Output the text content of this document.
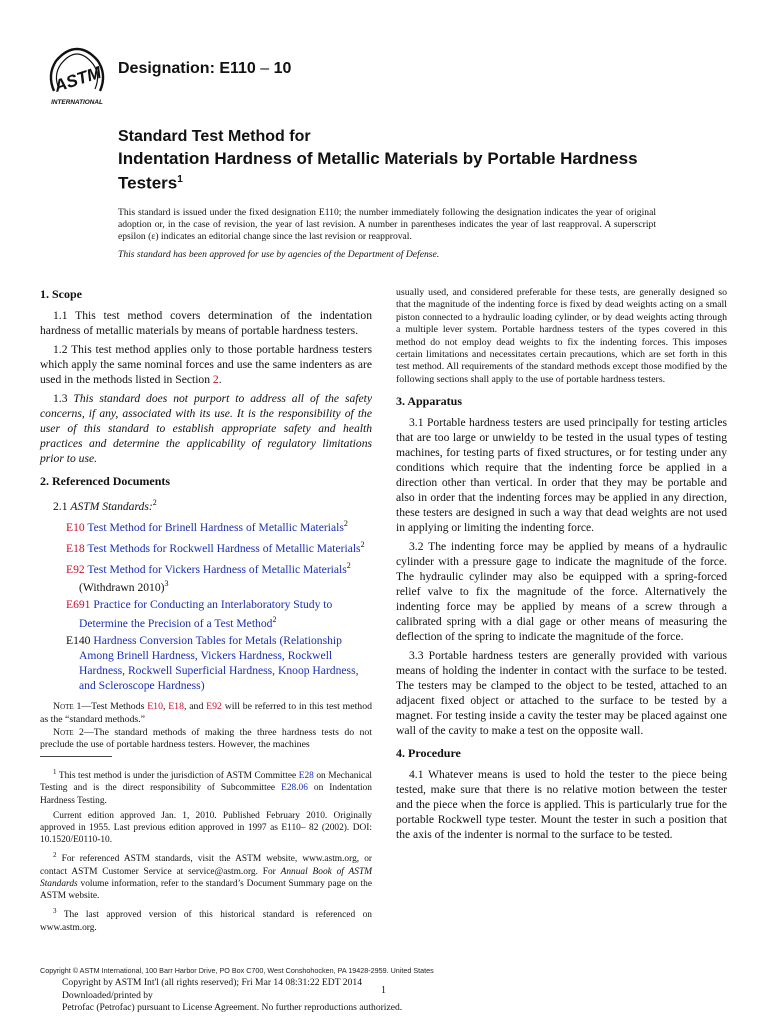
ASTM
INTERNATIONAL
Designation: E110 – 10
Standard Test Method for
Indentation Hardness of Metallic Materials by Portable Hardness Testers$^1$
This standard is issued under the fixed designation E110; the number immediately following the designation indicates the year of original adoption or, in the case of revision, the year of last revision. A number in parentheses indicates the year of last reapproval. A superscript epsilon (ε) indicates an editorial change since the last revision or reapproval.
This standard has been approved for use by agencies of the Department of Defense.
1. Scope

1.1 This test method covers determination of the indentation hardness of metallic materials by means of portable hardness testers.

1.2 This test method applies only to those portable hardness testers which apply the same nominal forces and use the same indenters as are used in the methods listed in Section 2.

1.3 This standard does not purport to address all of the safety concerns, if any, associated with its use. It is the responsibility of the user of this standard to establish appropriate safety and health practices and determine the applicability of regulatory limitations prior to use.

2. Referenced Documents

2.1 ASTM Standards:$^2$

E10 Test Method for Brinell Hardness of Metallic Materials$^2$
E18 Test Methods for Rockwell Hardness of Metallic Materials$^2$
E92 Test Method for Vickers Hardness of Metallic Materials$^2$ (Withdrawn 2010)$^3$
E691 Practice for Conducting an Interlaboratory Study to Determine the Precision of a Test Method$^2$
E140 Hardness Conversion Tables for Metals (Relationship Among Brinell Hardness, Vickers Hardness, Rockwell Hardness, Rockwell Superficial Hardness, Knoop Hardness, and Scleroscope Hardness)

Note 1—Test Methods E10, E18, and E92 will be referred to in this test method as the “standard methods.”

Note 2—The standard methods of making the three hardness tests do not preclude the use of portable hardness testers. However, the machines

$^1$ This test method is under the jurisdiction of ASTM Committee E28 on Mechanical Testing and is the direct responsibility of Subcommittee E28.06 on Indentation Hardness Testing.

Current edition approved Jan. 1, 2010. Published February 2010. Originally approved in 1955. Last previous edition approved in 1997 as E110– 82 (2002). DOI: 10.1520/E0110-10.

$^2$ For referenced ASTM standards, visit the ASTM website, www.astm.org, or contact ASTM Customer Service at service@astm.org. For Annual Book of ASTM Standards volume information, refer to the standard’s Document Summary page on the ASTM website.

$^3$ The last approved version of this historical standard is referenced on www.astm.org.

usually used, and considered preferable for these tests, are generally designed so that the magnitude of the indenting force is fixed by dead weights acting on a small piston connected to a hydraulic loading cylinder, or by dead weights acting through a multiple lever system. Portable hardness testers of the types covered in this method do not employ dead weights to fix the indenting forces. This imposes certain limitations and necessitates certain precautions, which are set forth in this test method. All requirements of the standard methods except those modified by the following sections shall apply to the use of portable hardness testers.

3. Apparatus

3.1 Portable hardness testers are used principally for testing articles that are too large or unwieldy to be tested in the usual types of testing machines, for testing parts of fixed structures, or for testing under any conditions which require that the indenting force be applied in a direction other than vertical. In order that they may be portable and also in order that the indenting forces may be applied in any direction, these testers are designed in such a way that dead weights are not used in applying or limiting the indenting force.

3.2 The indenting force may be applied by means of a hydraulic cylinder with a pressure gage to indicate the magnitude of the force. The hydraulic cylinder may also be equipped with a spring-forced relief valve to fix the magnitude of the force. Alternatively the indenting force may be applied by means of a screw through a calibrated spring with a dial gage or other means of measuring the deflection of the spring to indicate the magnitude of the force.

3.3 Portable hardness testers are generally provided with various means of holding the indenter in contact with the surface to be tested. The testers may be clamped to the object to be tested, attached to an adjacent fixed object or attached to the surface to be tested by a magnet. For testing inside a cavity the tester may be placed against one wall of the cavity to make a test on the opposite wall.

4. Procedure

4.1 Whatever means is used to hold the tester to the piece being tested, make sure that there is no relative motion between the tester and the piece when the force is applied. This is particularly true for the portable Rockwell type tester. Mount the tester in such a position that the axis of the indenter is normal to the surface to be tested.

Copyright © ASTM International, 100 Barr Harbor Drive, PO Box C700, West Conshohocken, PA 19428-2959. United States
Copyright by ASTM Int'l (all rights reserved); Fri Mar 14 08:31:22 EDT 2014
Downloaded/printed by
Petrofac (Petrofac) pursuant to License Agreement. No further reproductions authorized.
1
